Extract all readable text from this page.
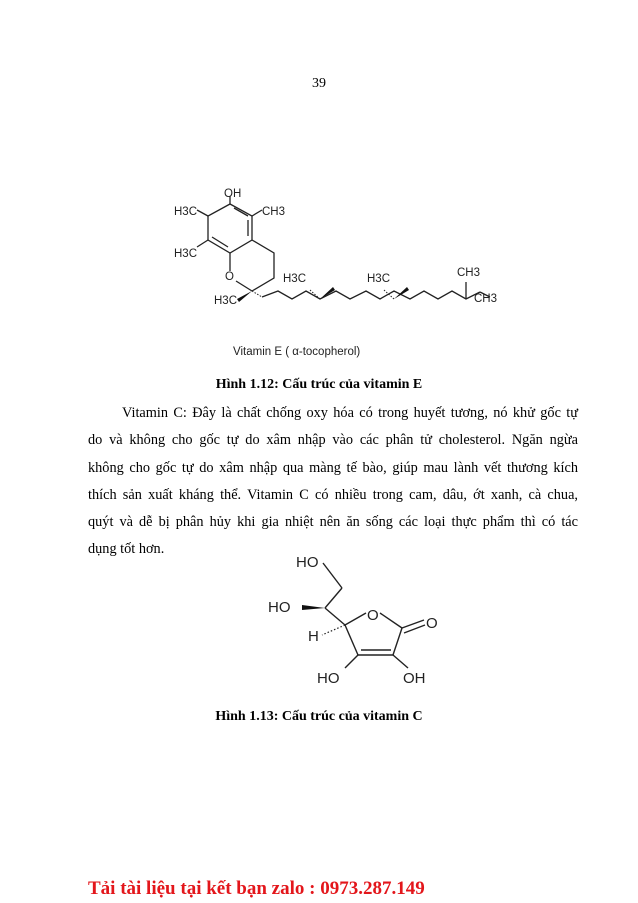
39
OH
H3C	CH3
H3C
O
H3C
H3C	H3C	CH3
CH3
Vitamin E ( α-tocopherol)
HO
HO	O	O
H
HO	OH
Hình 1.12: Cấu trúc của vitamin E
Vitamin C: Đây là chất chống oxy hóa có trong huyết tương, nó khử gốc tự
do và không cho gốc tự do xâm nhập vào các phân tử cholesterol. Ngăn ngừa
không cho gốc tự do xâm nhập qua màng tế bào, giúp mau lành vết thương kích
thích sản xuất kháng thể. Vitamin C có nhiều trong cam, dâu, ớt xanh, cà chua,
quýt và dễ bị phân hủy khi gia nhiệt nên ăn sống các loại thực phẩm thì có tác
dụng tốt hơn.
Hình 1.13: Cấu trúc của vitamin C
Tải tài liệu tại kết bạn zalo : 0973.287.149
